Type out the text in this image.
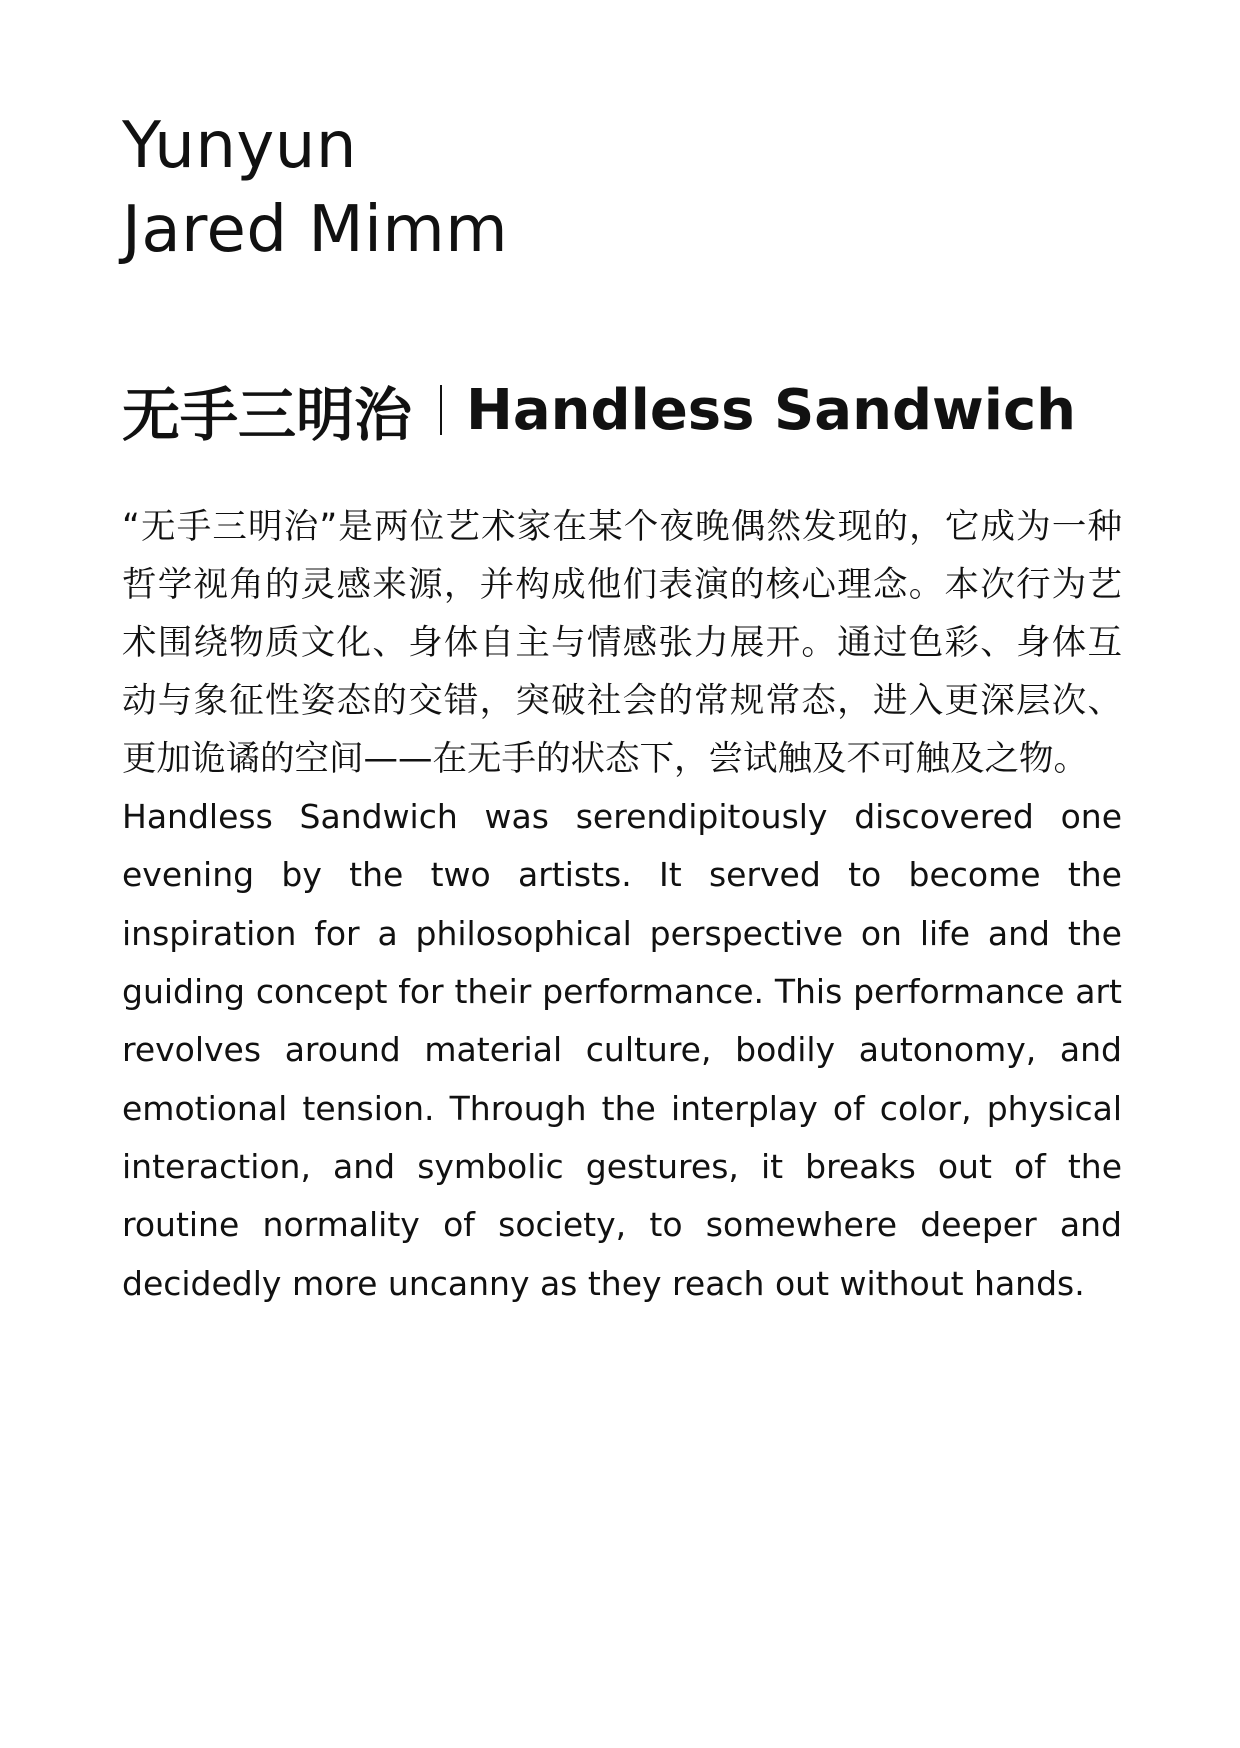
Yunyun
Jared Mimm
无手三明治 Handless Sandwich

“无手三明治”是两位艺术家在某个夜晚偶然发现的，它成为一种哲学视角的灵感来源，并构成他们表演的核心理念。本次行为艺术围绕物质文化、身体自主与情感张力展开。通过色彩、身体互动与象征性姿态的交错，突破社会的常规常态，进入更深层次、更加诡谲的空间——在无手的状态下，尝试触及不可触及之物。

Handless Sandwich was serendipitously discovered one evening by the two artists. It served to become the inspiration for a philosophical perspective on life and the guiding concept for their performance. This performance art revolves around material culture, bodily autonomy, and emotional tension. Through the interplay of color, physical interaction, and symbolic gestures, it breaks out of the routine normality of society, to somewhere deeper and decidedly more uncanny as they reach out without hands.
